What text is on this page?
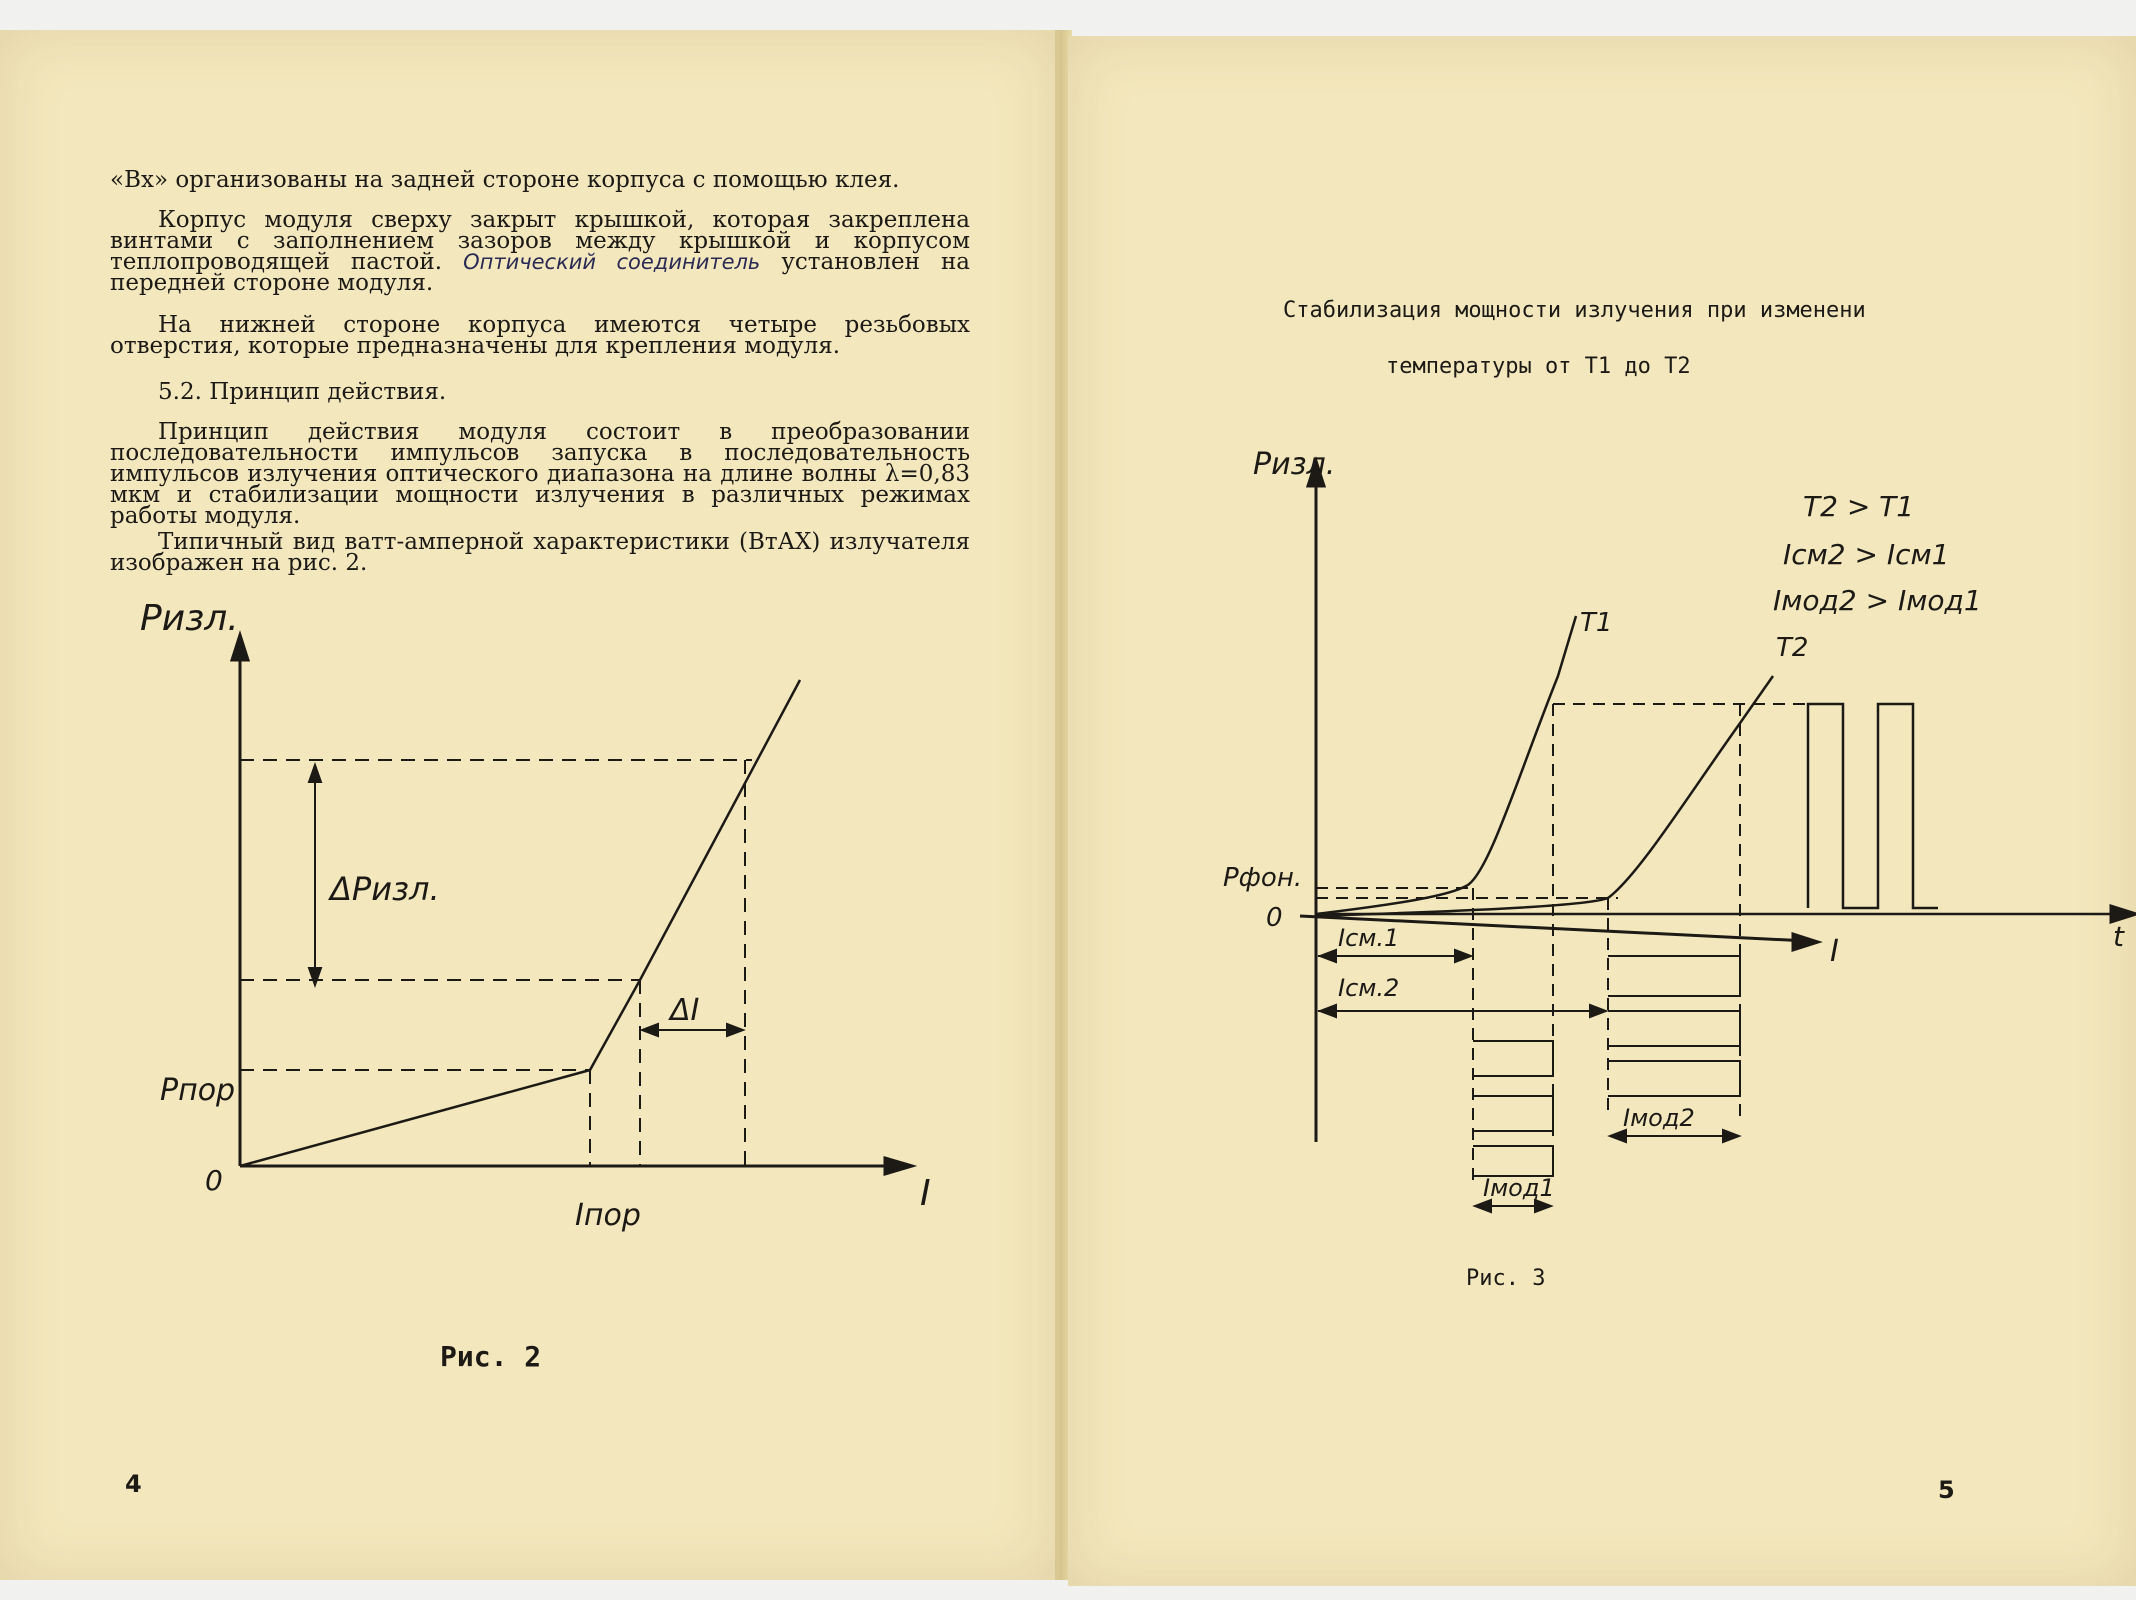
«Вх» организованы на задней стороне корпуса с помощью клея.
Корпус модуля сверху закрыт крышкой, которая закреплена винтами с заполнением зазоров между крышкой и корпусом теплопроводящей пастой. Оптический соединитель установлен на передней стороне модуля.
На нижней стороне корпуса имеются четыре резьбовых отверстия, которые предназначены для крепления модуля.
5.2. Принцип действия.
Принцип действия модуля состоит в преобразовании последовательности импульсов запуска в последовательность импульсов излучения оптического диапазона на длине волны λ=0,83 мкм и стабилизации мощности излучения в различных режимах работы модуля.
Типичный вид ватт-амперной характеристики (ВтАХ) излучателя изображен на рис. 2.
Pизл.
I
0
Pпор
Iпор
ΔPизл.
ΔI
Рис. 2
4
Стабилизация мощности излучения при изменени
температуры от Т1 до Т2
Pизл.
Pфон.
0
I	t
T1
T2
T2 > T1
Iсм2 > Iсм1
Iмод2 > Iмод1
Iсм.1
Iсм.2
Iмод1
Iмод2
Рис. 3
5
